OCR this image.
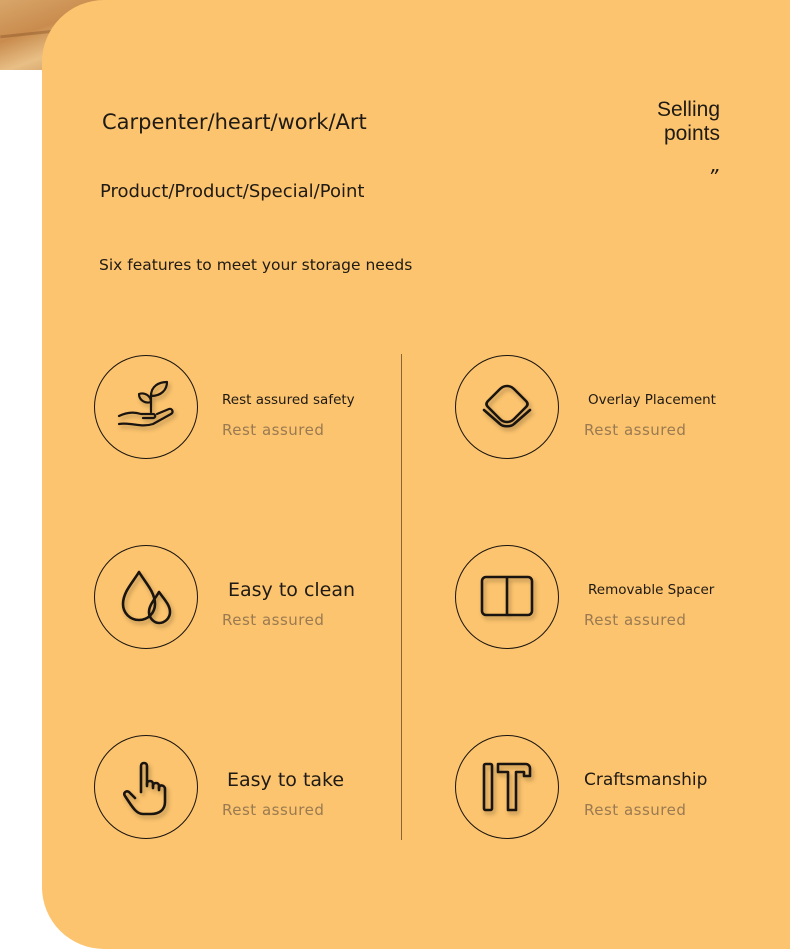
Carpenter/heart/work/Art
Product/Product/Special/Point
Six features to meet your storage needs
Selling
points
”
Rest assured safety
Rest assured
Overlay Placement
Rest assured
Easy to clean
Rest assured
Removable Spacer
Rest assured
Easy to take
Rest assured
Craftsmanship
Rest assured
